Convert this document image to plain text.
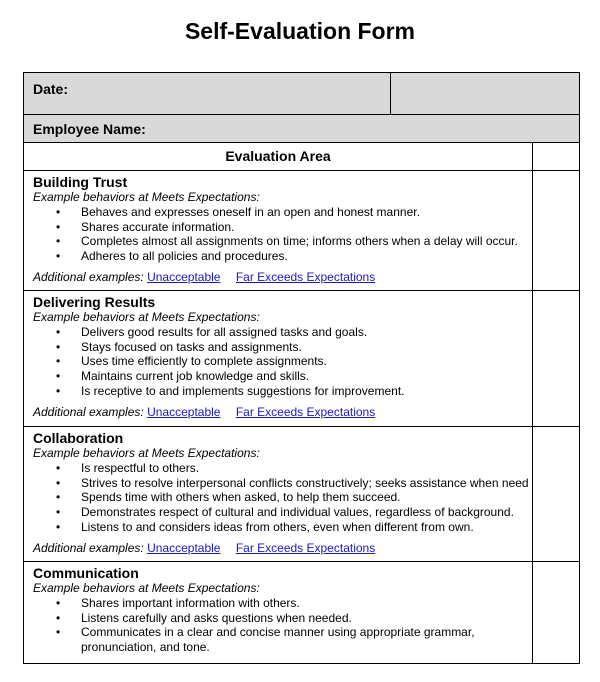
Self-Evaluation Form
Date:
Employee Name:
Evaluation Area
Building Trust
Example behaviors at Meets Expectations:
• Behaves and expresses oneself in an open and honest manner.
• Shares accurate information.
• Completes almost all assignments on time; informs others when a delay will occur.
• Adheres to all policies and procedures.
Additional examples: Unacceptable Far Exceeds Expectations
Delivering Results
Example behaviors at Meets Expectations:
• Delivers good results for all assigned tasks and goals.
• Stays focused on tasks and assignments.
• Uses time efficiently to complete assignments.
• Maintains current job knowledge and skills.
• Is receptive to and implements suggestions for improvement.
Additional examples: Unacceptable Far Exceeds Expectations
Collaboration
Example behaviors at Meets Expectations:
• Is respectful to others.
• Strives to resolve interpersonal conflicts constructively; seeks assistance when need
• Spends time with others when asked, to help them succeed.
• Demonstrates respect of cultural and individual values, regardless of background.
• Listens to and considers ideas from others, even when different from own.
Additional examples: Unacceptable Far Exceeds Expectations
Communication
Example behaviors at Meets Expectations:
• Shares important information with others.
• Listens carefully and asks questions when needed.
• Communicates in a clear and concise manner using appropriate grammar,
pronunciation, and tone.
